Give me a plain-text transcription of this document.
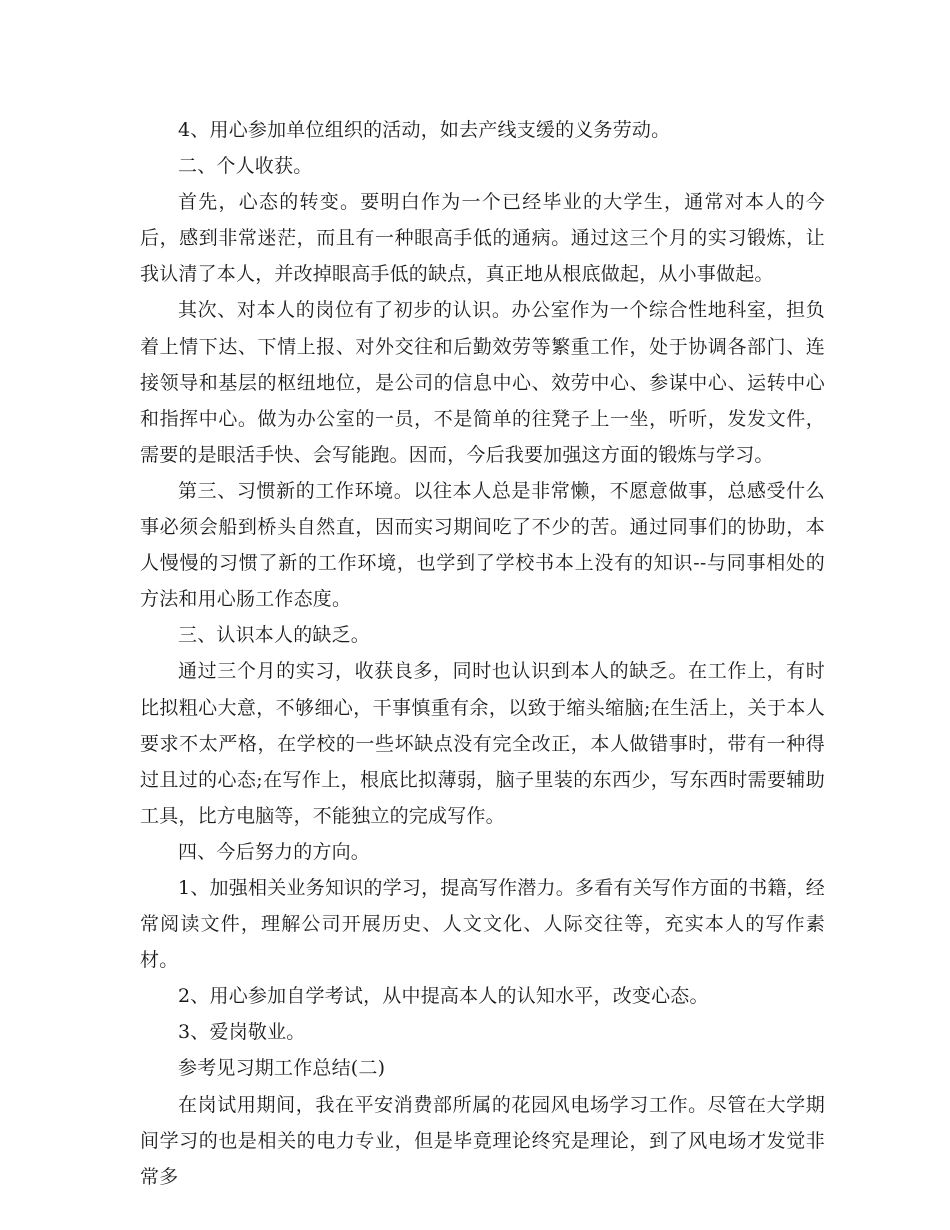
4、用心参加单位组织的活动，如去产线支缓的义务劳动。

二、个人收获。

首先，心态的转变。要明白作为一个已经毕业的大学生，通常对本人的今后，感到非常迷茫，而且有一种眼高手低的通病。通过这三个月的实习锻炼，让我认清了本人，并改掉眼高手低的缺点，真正地从根底做起，从小事做起。

其次、对本人的岗位有了初步的认识。办公室作为一个综合性地科室，担负着上情下达、下情上报、对外交往和后勤效劳等繁重工作，处于协调各部门、连接领导和基层的枢纽地位，是公司的信息中心、效劳中心、参谋中心、运转中心和指挥中心。做为办公室的一员，不是简单的往凳子上一坐，听听，发发文件，需要的是眼活手快、会写能跑。因而，今后我要加强这方面的锻炼与学习。

第三、习惯新的工作环境。以往本人总是非常懒，不愿意做事，总感受什么事必须会船到桥头自然直，因而实习期间吃了不少的苦。通过同事们的协助，本人慢慢的习惯了新的工作环境，也学到了学校书本上没有的知识--与同事相处的方法和用心肠工作态度。

三、认识本人的缺乏。

通过三个月的实习，收获良多，同时也认识到本人的缺乏。在工作上，有时比拟粗心大意，不够细心，干事慎重有余，以致于缩头缩脑;在生活上，关于本人要求不太严格，在学校的一些坏缺点没有完全改正，本人做错事时，带有一种得过且过的心态;在写作上，根底比拟薄弱，脑子里装的东西少，写东西时需要辅助工具，比方电脑等，不能独立的完成写作。

四、今后努力的方向。

1、加强相关业务知识的学习，提高写作潜力。多看有关写作方面的书籍，经常阅读文件，理解公司开展历史、人文文化、人际交往等，充实本人的写作素材。

2、用心参加自学考试，从中提高本人的认知水平，改变心态。

3、爱岗敬业。

参考见习期工作总结(二)

在岗试用期间，我在平安消费部所属的花园风电场学习工作。尽管在大学期间学习的也是相关的电力专业，但是毕竟理论终究是理论，到了风电场才发觉非常多
